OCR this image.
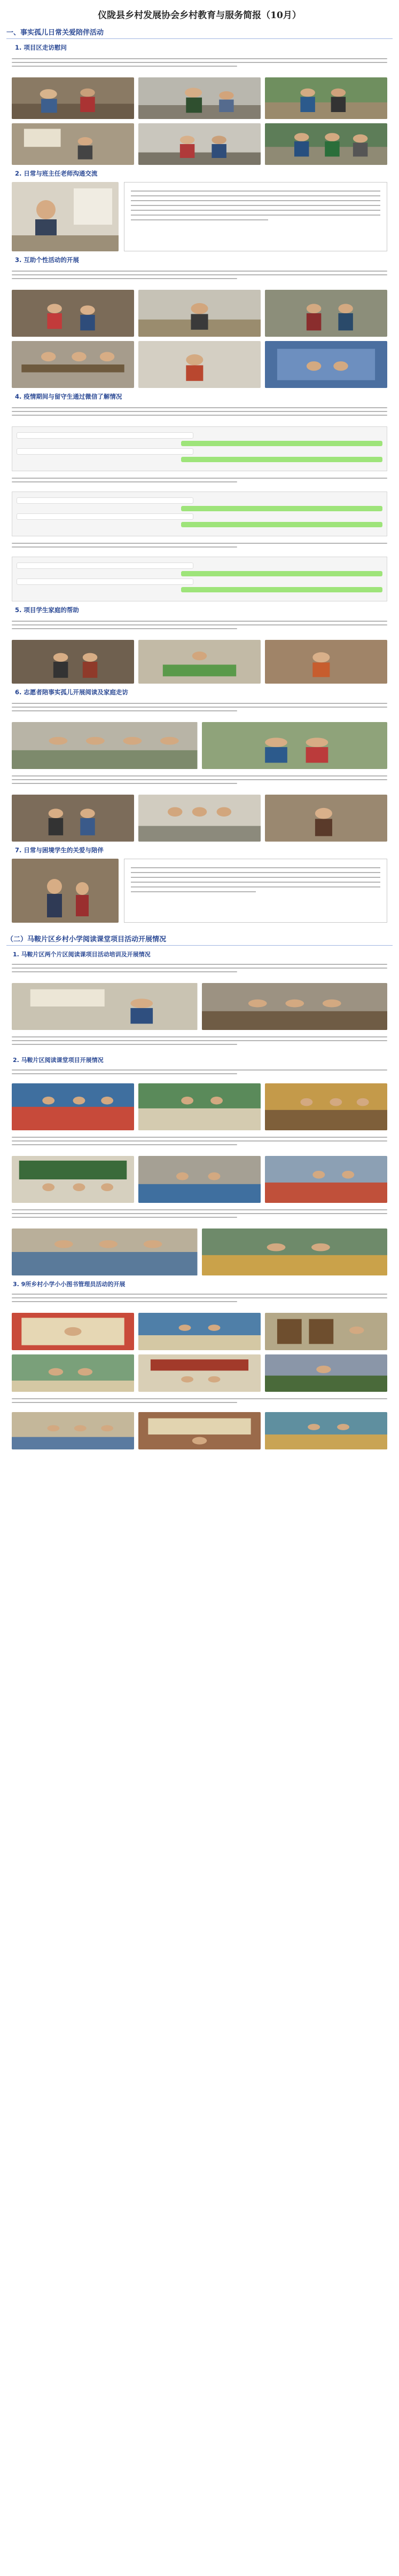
仪陇县乡村发展协会乡村教育与服务简报（10月）
一、事实孤儿日常关爱陪伴活动
1. 项目区走访慰问
2. 日常与班主任老师沟通交流
3. 互助个性活动的开展
4. 疫情期间与留守生通过微信了解情况
5. 项目学生家庭的帮助
6. 志愿者陪事实孤儿开展阅读及家庭走访
7. 日常与困境学生的关爱与陪伴
（二）马鞍片区乡村小学阅读课堂项目活动开展情况
1. 马鞍片区两个片区阅读课项目活动培训及开展情况
2. 马鞍片区阅读课堂项目开展情况
3. 9所乡村小学小小图书管理员活动的开展
